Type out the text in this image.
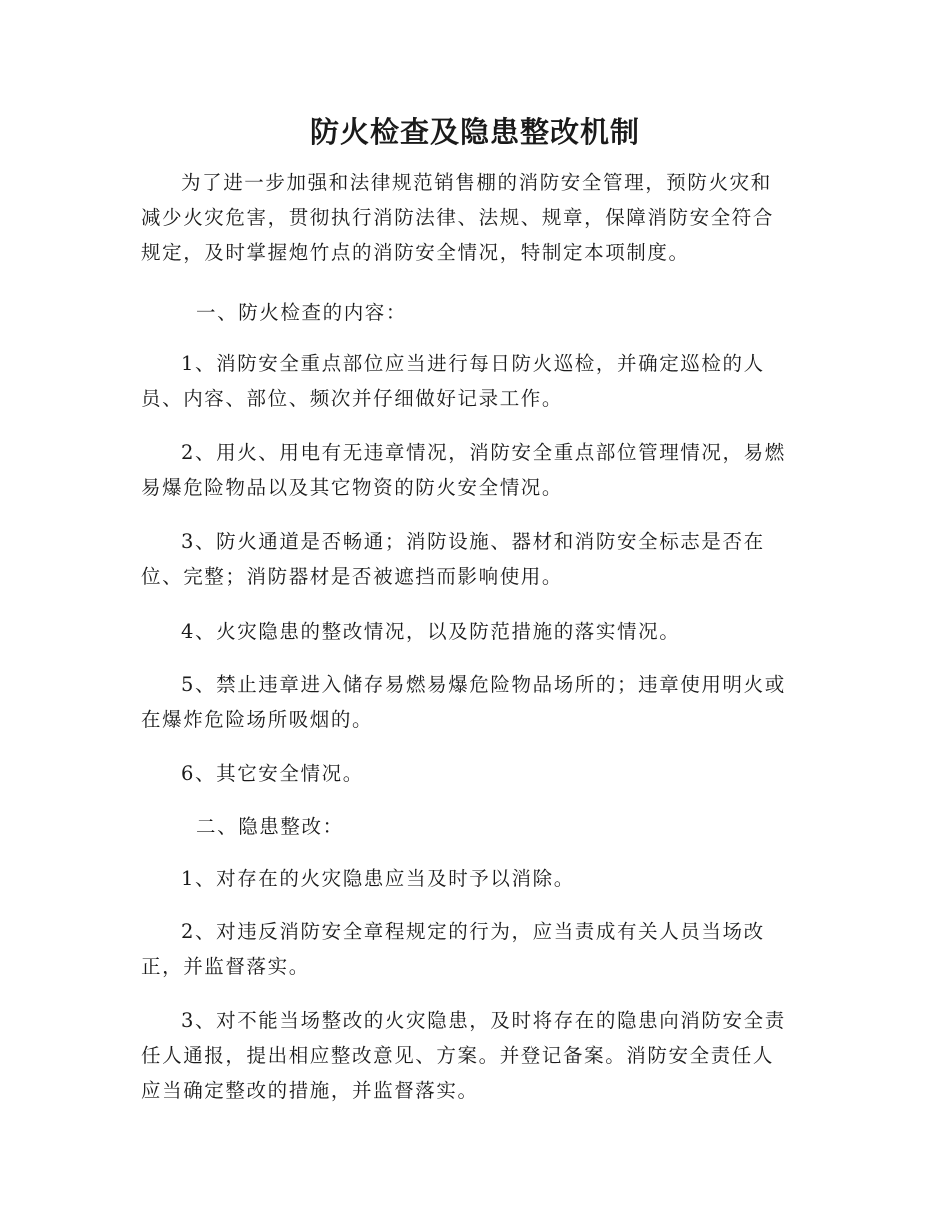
防火检查及隐患整改机制

为了进一步加强和法律规范销售棚的消防安全管理，预防火灾和
减少火灾危害，贯彻执行消防法律、法规、规章，保障消防安全符合
规定，及时掌握炮竹点的消防安全情况，特制定本项制度。

一、防火检查的内容：

1、消防安全重点部位应当进行每日防火巡检，并确定巡检的人
员、内容、部位、频次并仔细做好记录工作。

2、用火、用电有无违章情况，消防安全重点部位管理情况，易燃
易爆危险物品以及其它物资的防火安全情况。

3、防火通道是否畅通；消防设施、器材和消防安全标志是否在
位、完整；消防器材是否被遮挡而影响使用。

4、火灾隐患的整改情况，以及防范措施的落实情况。

5、禁止违章进入储存易燃易爆危险物品场所的；违章使用明火或
在爆炸危险场所吸烟的。

6、其它安全情况。

二、隐患整改：

1、对存在的火灾隐患应当及时予以消除。

2、对违反消防安全章程规定的行为，应当责成有关人员当场改
正，并监督落实。

3、对不能当场整改的火灾隐患，及时将存在的隐患向消防安全责
任人通报，提出相应整改意见、方案。并登记备案。消防安全责任人
应当确定整改的措施，并监督落实。
